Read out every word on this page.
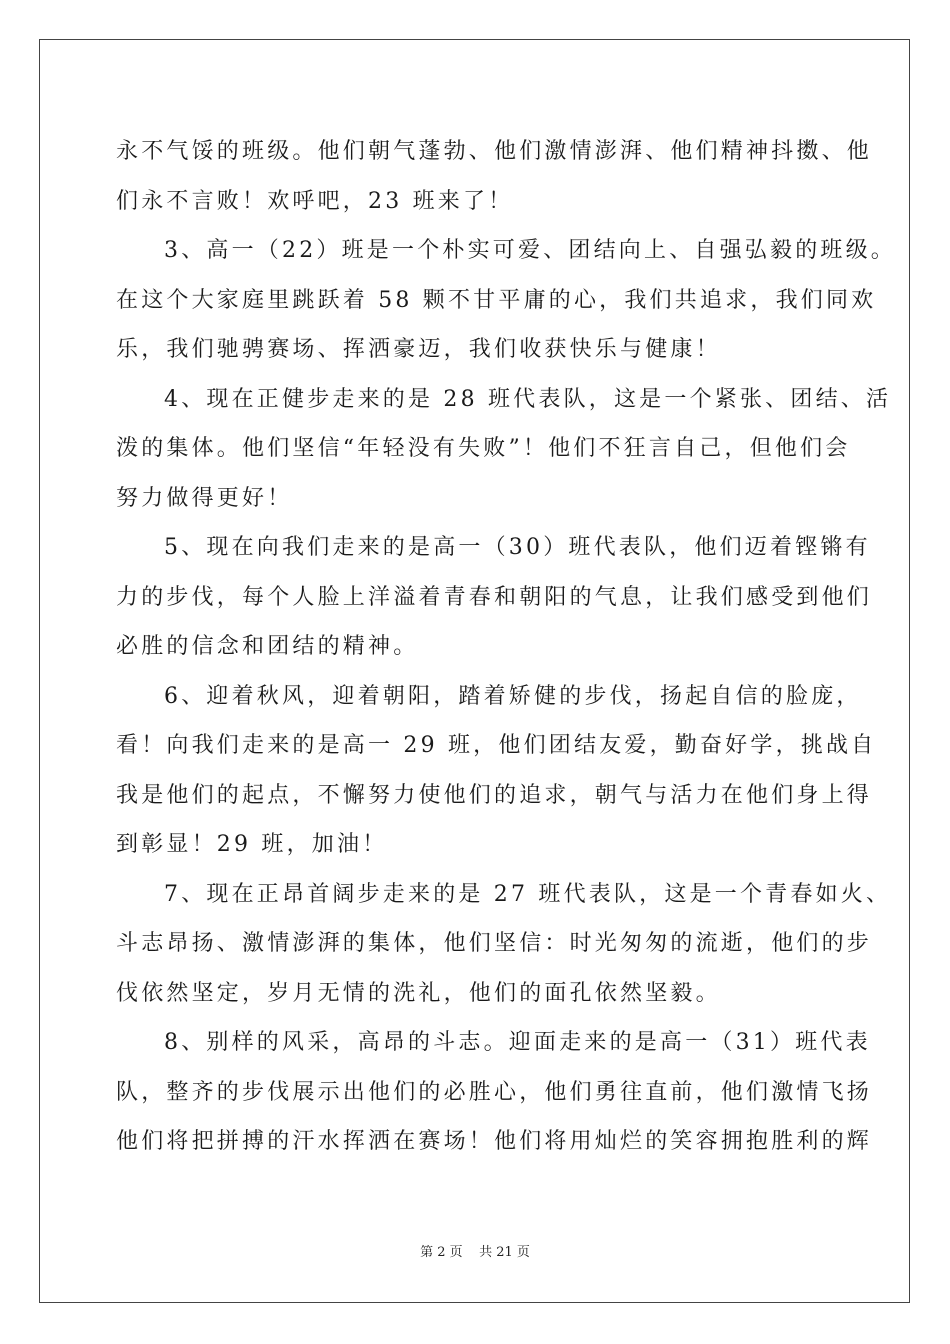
永不气馁的班级。他们朝气蓬勃、他们激情澎湃、他们精神抖擞、他
们永不言败！欢呼吧，23 班来了！
3、高一（22）班是一个朴实可爱、团结向上、自强弘毅的班级。
在这个大家庭里跳跃着 58 颗不甘平庸的心，我们共追求，我们同欢
乐，我们驰骋赛场、挥洒豪迈，我们收获快乐与健康！
4、现在正健步走来的是 28 班代表队，这是一个紧张、团结、活
泼的集体。他们坚信“年轻没有失败”！他们不狂言自己，但他们会
努力做得更好！
5、现在向我们走来的是高一（30）班代表队，他们迈着铿锵有
力的步伐，每个人脸上洋溢着青春和朝阳的气息，让我们感受到他们
必胜的信念和团结的精神。
6、迎着秋风，迎着朝阳，踏着矫健的步伐，扬起自信的脸庞，
看！向我们走来的是高一 29 班，他们团结友爱，勤奋好学，挑战自
我是他们的起点，不懈努力使他们的追求，朝气与活力在他们身上得
到彰显！29 班，加油！
7、现在正昂首阔步走来的是 27 班代表队，这是一个青春如火、
斗志昂扬、激情澎湃的集体，他们坚信：时光匆匆的流逝，他们的步
伐依然坚定，岁月无情的洗礼，他们的面孔依然坚毅。
8、别样的风采，高昂的斗志。迎面走来的是高一（31）班代表
队，整齐的步伐展示出他们的必胜心，他们勇往直前，他们激情飞扬
他们将把拼搏的汗水挥洒在赛场！他们将用灿烂的笑容拥抱胜利的辉
第 2 页    共 21 页
